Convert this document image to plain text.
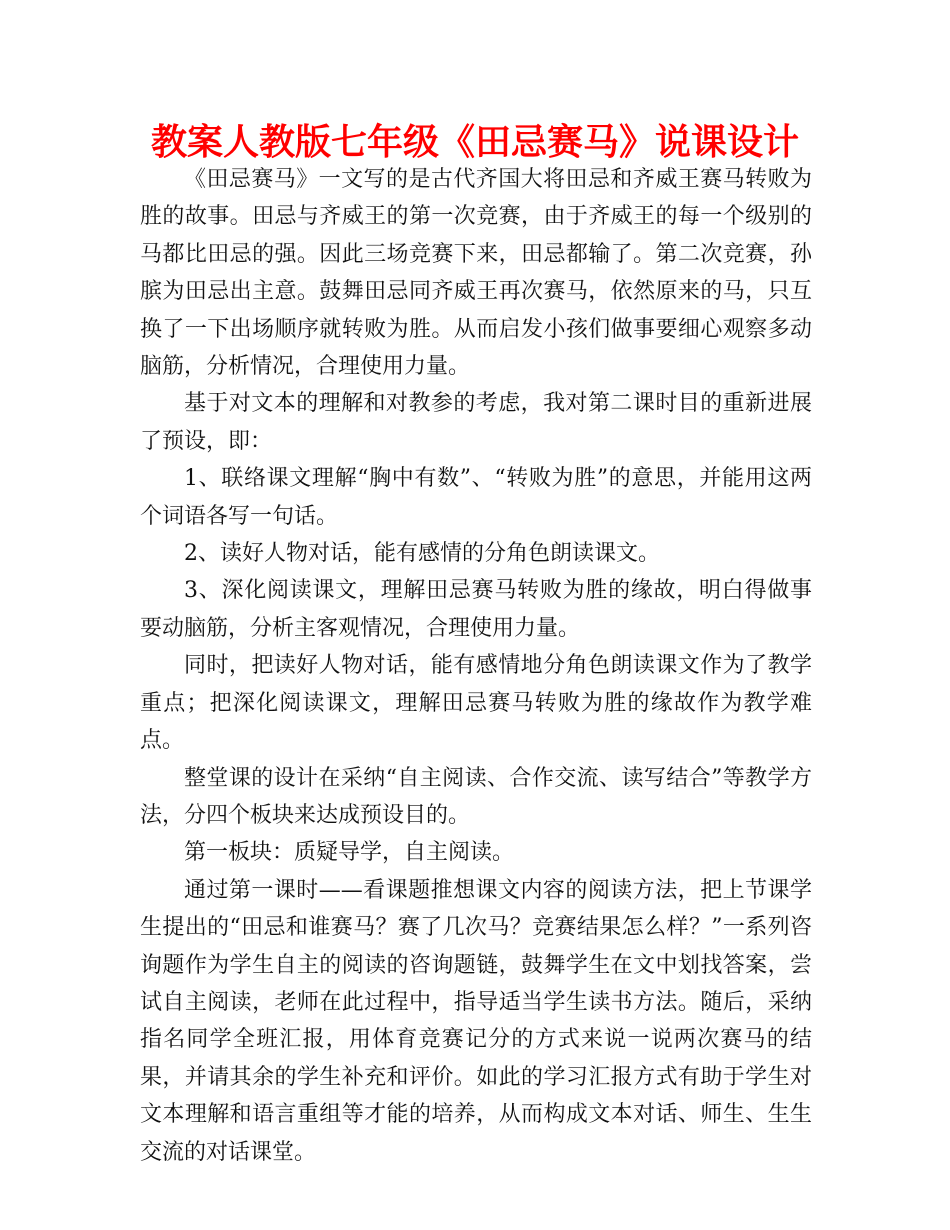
教案人教版七年级《田忌赛马》说课设计

《田忌赛马》一文写的是古代齐国大将田忌和齐威王赛马转败为胜的故事。田忌与齐威王的第一次竞赛，由于齐威王的每一个级别的马都比田忌的强。因此三场竞赛下来，田忌都输了。第二次竞赛，孙膑为田忌出主意。鼓舞田忌同齐威王再次赛马，依然原来的马，只互换了一下出场顺序就转败为胜。从而启发小孩们做事要细心观察多动脑筋，分析情况，合理使用力量。

基于对文本的理解和对教参的考虑，我对第二课时目的重新进展了预设，即：

1、联络课文理解“胸中有数”、“转败为胜”的意思，并能用这两个词语各写一句话。

2、读好人物对话，能有感情的分角色朗读课文。

3、深化阅读课文，理解田忌赛马转败为胜的缘故，明白得做事要动脑筋，分析主客观情况，合理使用力量。

同时，把读好人物对话，能有感情地分角色朗读课文作为了教学重点；把深化阅读课文，理解田忌赛马转败为胜的缘故作为教学难点。

整堂课的设计在采纳“自主阅读、合作交流、读写结合”等教学方法，分四个板块来达成预设目的。

第一板块：质疑导学，自主阅读。

通过第一课时——看课题推想课文内容的阅读方法，把上节课学生提出的“田忌和谁赛马？赛了几次马？竞赛结果怎么样？”一系列咨询题作为学生自主的阅读的咨询题链，鼓舞学生在文中划找答案，尝试自主阅读，老师在此过程中，指导适当学生读书方法。随后，采纳指名同学全班汇报，用体育竞赛记分的方式来说一说两次赛马的结果，并请其余的学生补充和评价。如此的学习汇报方式有助于学生对文本理解和语言重组等才能的培养，从而构成文本对话、师生、生生交流的对话课堂。
